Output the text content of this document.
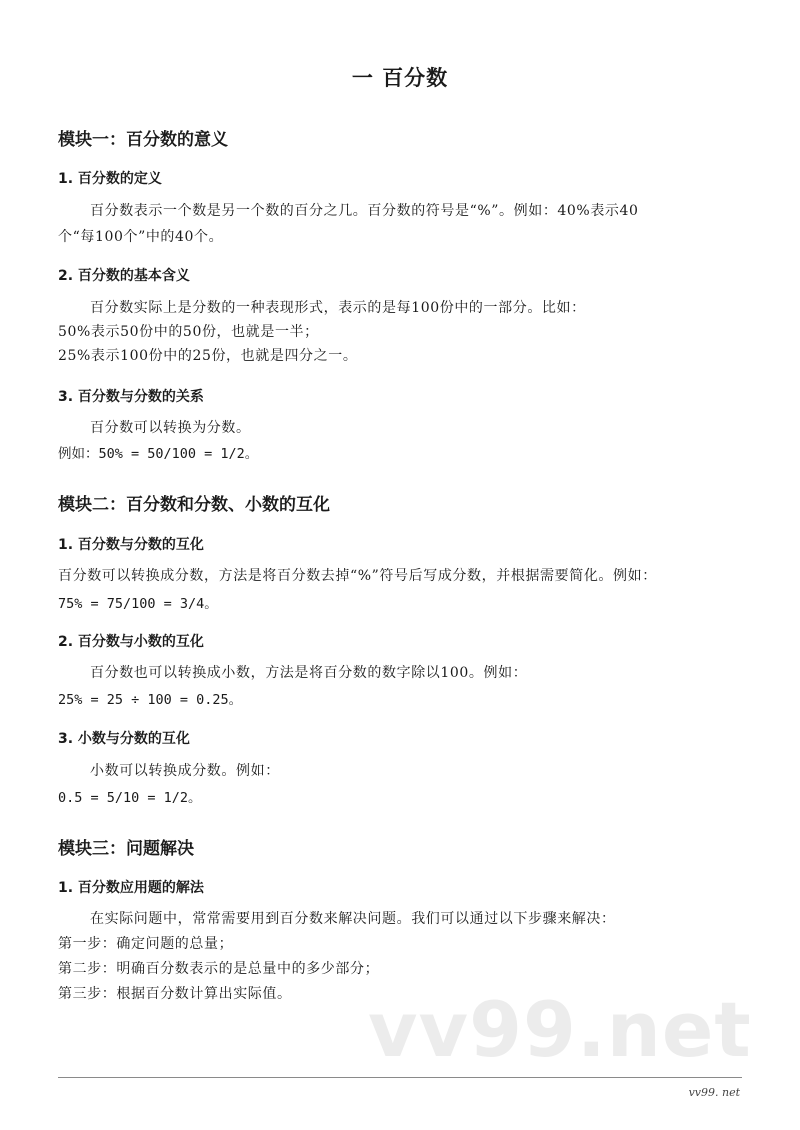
一 百分数
模块一：百分数的意义
1. 百分数的定义
百分数表示一个数是另一个数的百分之几。百分数的符号是“%”。例如：40%表示40
个“每100个”中的40个。
2. 百分数的基本含义
百分数实际上是分数的一种表现形式，表示的是每100份中的一部分。比如：
50%表示50份中的50份，也就是一半；
25%表示100份中的25份，也就是四分之一。
3. 百分数与分数的关系
百分数可以转换为分数。
例如：50% = 50/100 = 1/2。
模块二：百分数和分数、小数的互化
1. 百分数与分数的互化
百分数可以转换成分数，方法是将百分数去掉“%”符号后写成分数，并根据需要简化。例如：
75% = 75/100 = 3/4。
2. 百分数与小数的互化
百分数也可以转换成小数，方法是将百分数的数字除以100。例如：
25% = 25 ÷ 100 = 0.25。
3. 小数与分数的互化
小数可以转换成分数。例如：
0.5 = 5/10 = 1/2。
模块三：问题解决
1. 百分数应用题的解法
在实际问题中，常常需要用到百分数来解决问题。我们可以通过以下步骤来解决：
第一步：确定问题的总量；
第二步：明确百分数表示的是总量中的多少部分；
第三步：根据百分数计算出实际值。 vv99.net
vv99. net
